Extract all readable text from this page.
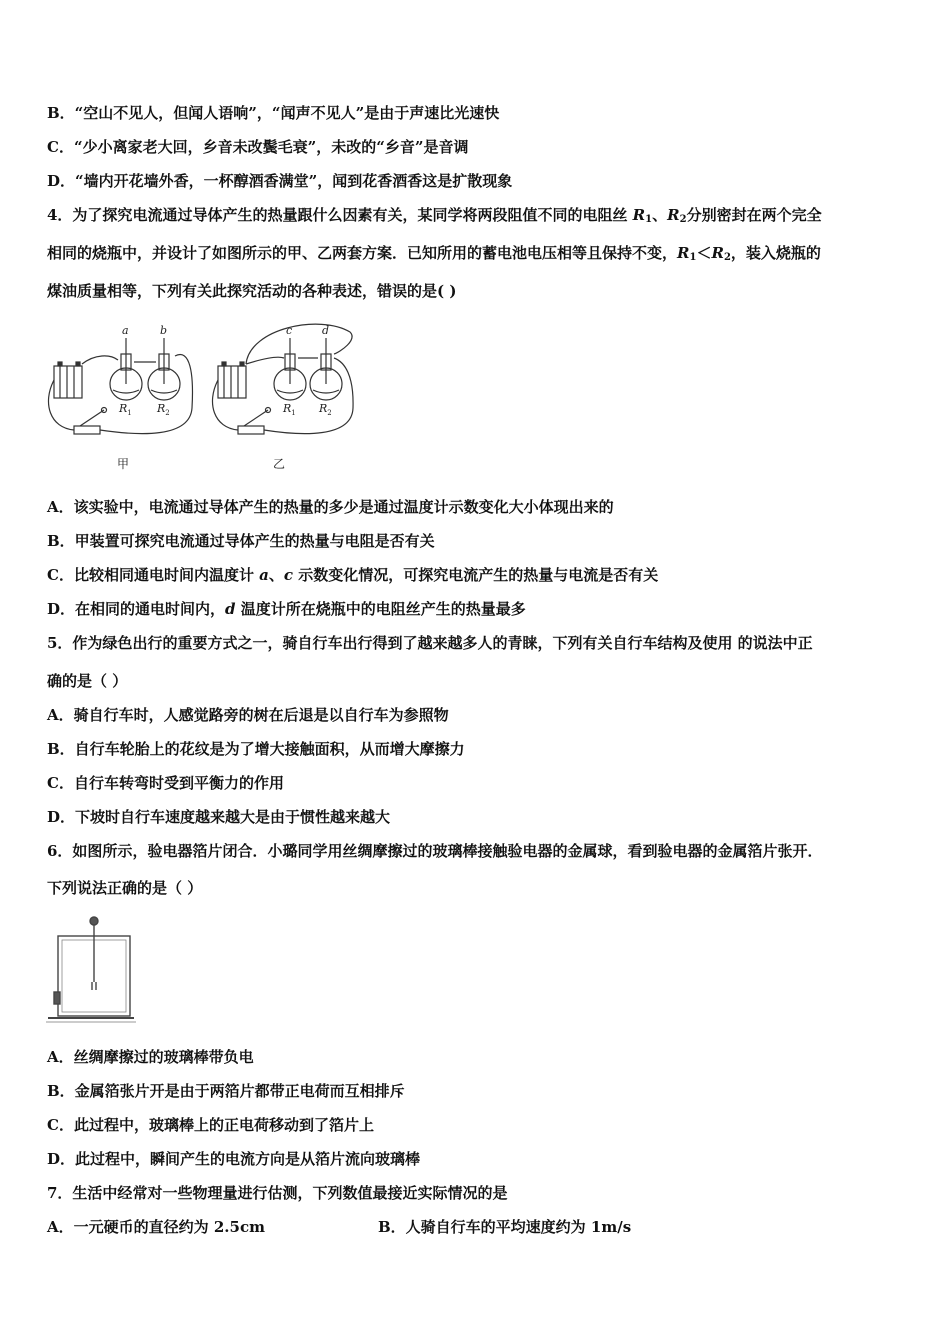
B．“空山不见人，但闻人语响”，“闻声不见人”是由于声速比光速快
C．“少小离家老大回，乡音未改鬓毛衰”，未改的“乡音”是音调
D．“墙内开花墙外香，一杯醇酒香满堂”，闻到花香酒香这是扩散现象
4．为了探究电流通过导体产生的热量跟什么因素有关，某同学将两段阻值不同的电阻丝 $R_1$、$R_2$分别密封在两个完全
相同的烧瓶中，并设计了如图所示的甲、乙两套方案．已知所用的蓄电池电压相等且保持不变，$R_1<R_2$，装入烧瓶的
煤油质量相等，下列有关此探究活动的各种表述，错误的是( )
a	b	c	d
$R_1$ $R_2$	$R_1$ $R_2$
甲	乙
A．该实验中，电流通过导体产生的热量的多少是通过温度计示数变化大小体现出来的
B．甲装置可探究电流通过导体产生的热量与电阻是否有关
C．比较相同通电时间内温度计 a、c 示数变化情况，可探究电流产生的热量与电流是否有关
D．在相同的通电时间内，d 温度计所在烧瓶中的电阻丝产生的热量最多
5．作为绿色出行的重要方式之一，骑自行车出行得到了越来越多人的青睐，下列有关自行车结构及使用 的说法中正
确的是（ ）
A．骑自行车时，人感觉路旁的树在后退是以自行车为参照物
B．自行车轮胎上的花纹是为了增大接触面积，从而增大摩擦力
C．自行车转弯时受到平衡力的作用
D．下坡时自行车速度越来越大是由于惯性越来越大
6．如图所示，验电器箔片闭合．小璐同学用丝绸摩擦过的玻璃棒接触验电器的金属球，看到验电器的金属箔片张开．
下列说法正确的是（ ）
A．丝绸摩擦过的玻璃棒带负电
B．金属箔张片开是由于两箔片都带正电荷而互相排斥
C．此过程中，玻璃棒上的正电荷移动到了箔片上
D．此过程中，瞬间产生的电流方向是从箔片流向玻璃棒
7．生活中经常对一些物理量进行估测，下列数值最接近实际情况的是
A．一元硬币的直径约为 2.5cm	B．人骑自行车的平均速度约为 1m/s
